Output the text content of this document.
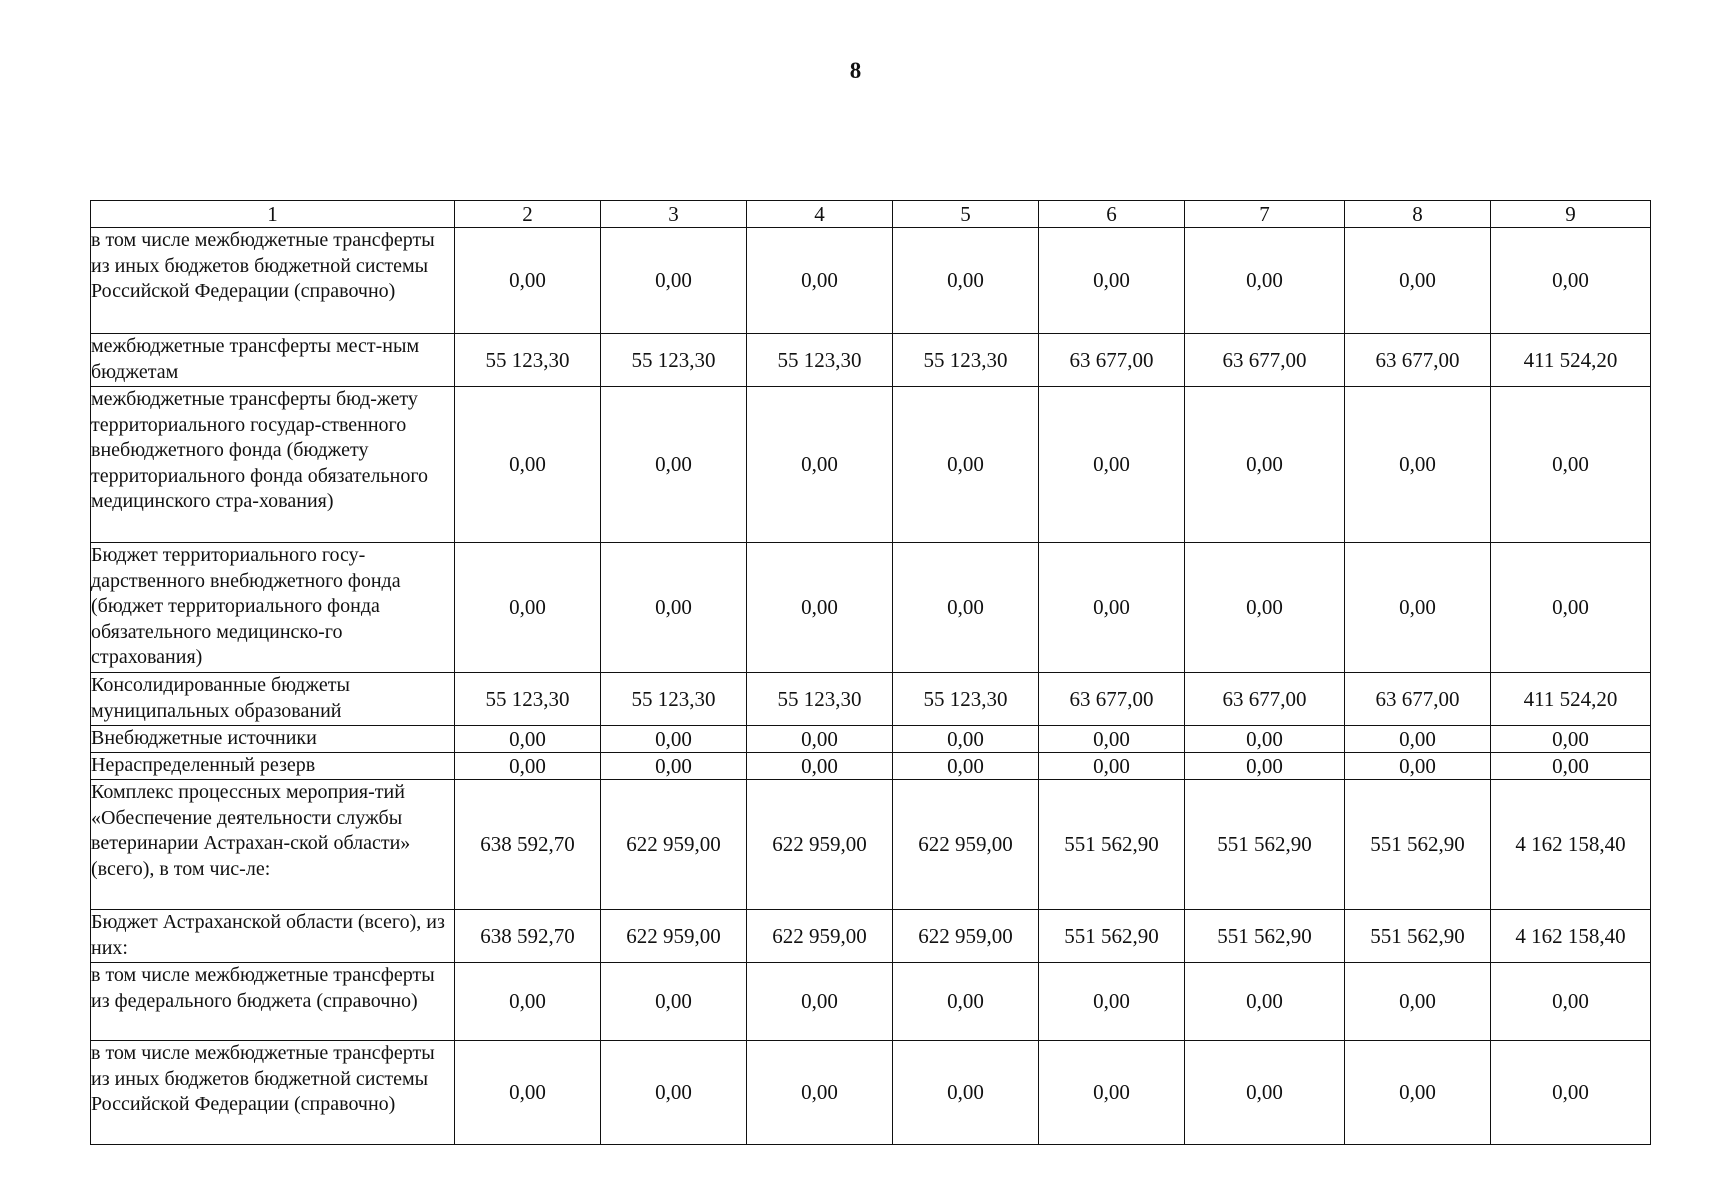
8
1	2	3	4	5	6	7	8	9
в том числе межбюджетные трансферты из иных бюджетов бюджетной системы Российской Федерации (справочно)	0,00	0,00	0,00	0,00	0,00	0,00	0,00	0,00
межбюджетные трансферты мест-ным бюджетам	55 123,30	55 123,30	55 123,30	55 123,30	63 677,00	63 677,00	63 677,00	411 524,20
межбюджетные трансферты бюд-жету территориального государ-ственного внебюджетного фонда (бюджету территориального фонда обязательного медицинского стра-хования)	0,00	0,00	0,00	0,00	0,00	0,00	0,00	0,00
Бюджет территориального госу-дарственного внебюджетного фонда (бюджет территориального фонда обязательного медицинско-го страхования)	0,00	0,00	0,00	0,00	0,00	0,00	0,00	0,00
Консолидированные бюджеты муниципальных образований	55 123,30	55 123,30	55 123,30	55 123,30	63 677,00	63 677,00	63 677,00	411 524,20
Внебюджетные источники	0,00	0,00	0,00	0,00	0,00	0,00	0,00	0,00
Нераспределенный резерв	0,00	0,00	0,00	0,00	0,00	0,00	0,00	0,00
Комплекс процессных мероприя-тий «Обеспечение деятельности службы ветеринарии Астрахан-ской области» (всего), в том чис-ле:	638 592,70	622 959,00	622 959,00	622 959,00	551 562,90	551 562,90	551 562,90	4 162 158,40
Бюджет Астраханской области (всего), из них:	638 592,70	622 959,00	622 959,00	622 959,00	551 562,90	551 562,90	551 562,90	4 162 158,40
в том числе межбюджетные трансферты из федерального бюджета (справочно)	0,00	0,00	0,00	0,00	0,00	0,00	0,00	0,00
в том числе межбюджетные трансферты из иных бюджетов бюджетной системы Российской Федерации (справочно)	0,00	0,00	0,00	0,00	0,00	0,00	0,00	0,00
